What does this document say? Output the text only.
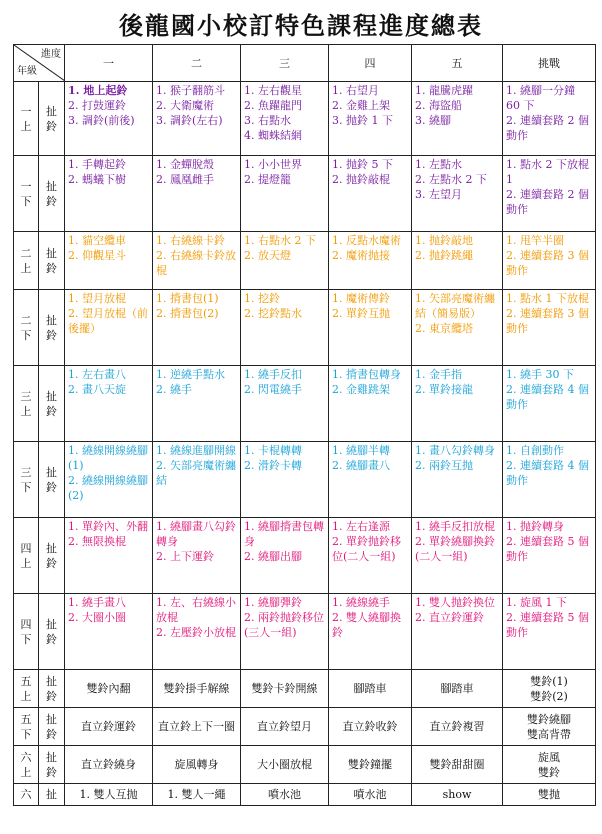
後龍國小校訂特色課程進度總表
進度
年級		一	二	三	四	五	挑戰

一
上	扯
鈴	1. 地上起鈴
2. 打鼓運鈴
3. 調鈴(前後)	1. 猴子翻筋斗
2. 大衛魔術
3. 調鈴(左右)	1. 左右觀星
2. 魚躍龍門
3. 右點水
4. 蜘蛛結網	1. 右望月
2. 金雞上架
3. 抛鈴 1 下	1. 龍騰虎躍
2. 海盜船
3. 繞腳	1. 繞腳一分鐘 60 下
2. 連續套路 2 個動作

一
下	扯
鈴	1. 手轉起鈴
2. 螞蟻下樹	1. 金蟬脫殼
2. 鳳凰雌手	1. 小小世界
2. 提燈籠	1. 抛鈴 5 下
2. 抛鈴敲棍	1. 左點水
2. 左點水 2 下
3. 左望月	1. 點水 2 下放棍 1
2. 連續套路 2 個動作

二
上	扯
鈴	1. 貓空纜車
2. 仰觀星斗	1. 右繞線卡鈴
2. 右繞線卡鈴放棍	1. 右點水 2 下
2. 放天燈	1. 反點水魔術
2. 魔術抛接	1. 抛鈴敲地
2. 抛鈴跳繩	1. 甩竿半圈
2. 連續套路 3 個動作

二
下	扯
鈴	1. 望月放棍
2. 望月放棍（前後擺）	1. 揹書包(1)
2. 揹書包(2)	1. 挖鈴
2. 挖鈴點水	1. 魔術傳鈴
2. 單鈴互抛	1. 矢部亮魔術纏結（簡易版）
2. 東京纜塔	1. 點水 1 下放棍
2. 連續套路 3 個動作

三
上	扯
鈴	1. 左右畫八
2. 畫八天旋	1. 逆繞手點水
2. 繞手	1. 繞手反扣
2. 閃電繞手	1. 揹書包轉身
2. 金雞跳架	1. 金手指
2. 單鈴接龍	1. 繞手 30 下
2. 連續套路 4 個動作

三
下	扯
鈴	1. 繞線開線繞腳(1)
2. 繞線開線繞腳(2)	1. 繞線進腳開線
2. 矢部亮魔術纏結	1. 卡棍轉轉
2. 滑鈴卡轉	1. 繞腳半轉
2. 繞腳畫八	1. 畫八勾鈴轉身
2. 兩鈴互抛	1. 自創動作
2. 連續套路 4 個動作

四
上	扯
鈴	1. 單鈴內、外翻
2. 無限換棍	1. 繞腳畫八勾鈴轉身
2. 上下運鈴	1. 繞腳揹書包轉身
2. 繞腳出腳	1. 左右逢源
2. 單鈴抛鈴移位(二人一組)	1. 繞手反扣放棍
2. 單鈴繞腳換鈴(二人一組)	1. 抛鈴轉身
2. 連續套路 5 個動作

四
下	扯
鈴	1. 繞手畫八
2. 大圈小圈	1. 左、右繞線小放棍
2. 左壓鈴小放棍	1. 繞腳彈鈴
2. 兩鈴抛鈴移位(三人一組)	1. 繞線繞手
2. 雙人繞腳換鈴	1. 雙人抛鈴換位
2. 直立鈴運鈴	1. 旋風 1 下
2. 連續套路 5 個動作

五
上	扯
鈴	雙鈴內翻	雙鈴掛手解線	雙鈴卡鈴開線	腳踏車	腳踏車	雙鈴(1)
雙鈴(2)

五
下	扯
鈴	直立鈴運鈴	直立鈴上下一圈	直立鈴望月	直立鈴收鈴	直立鈴複習	雙鈴繞腳
雙高背帶

六
上	扯
鈴	直立鈴繞身	旋風轉身	大小圈放棍	雙鈴鐘擺	雙鈴甜甜圈	旋風
雙鈴

六	扯	1. 雙人互抛	1. 雙人一繩	噴水池	噴水池	show	雙抛
